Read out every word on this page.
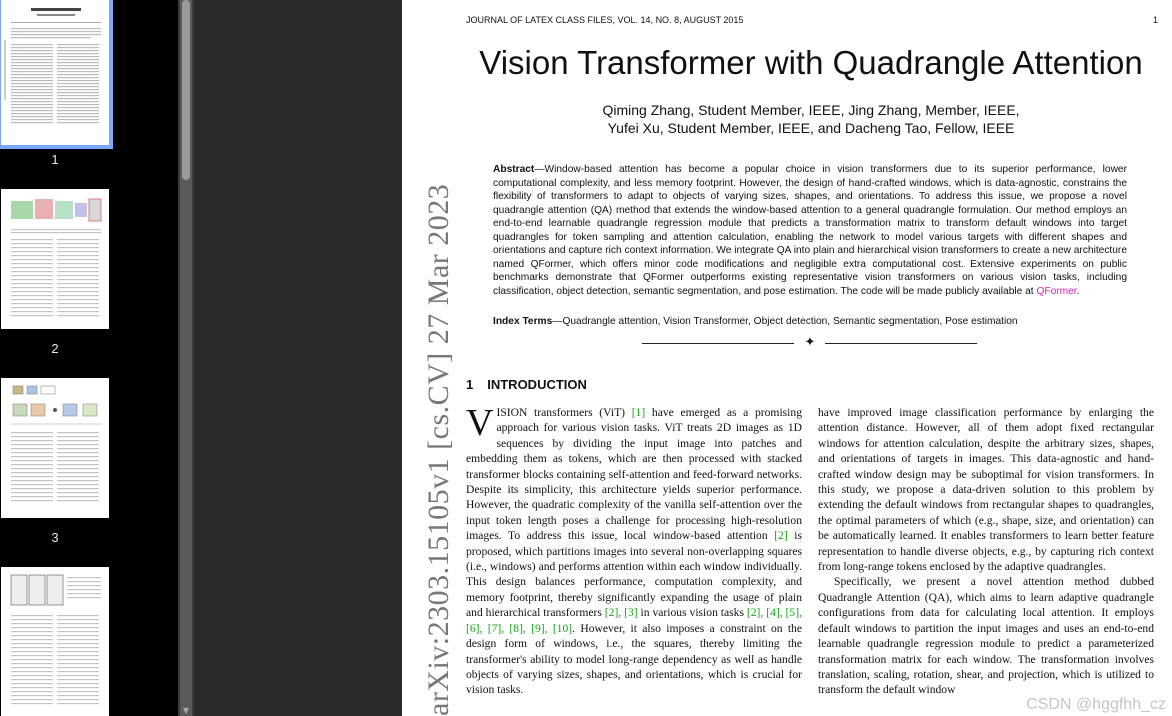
1
2
3
▼
JOURNAL OF LATEX CLASS FILES, VOL. 14, NO. 8, AUGUST 2015	1
Vision Transformer with Quadrangle Attention
Qiming Zhang, Student Member, IEEE, Jing Zhang, Member, IEEE,
Yufei Xu, Student Member, IEEE, and Dacheng Tao, Fellow, IEEE
Abstract—Window-based attention has become a popular choice in vision transformers due to its superior performance, lower computational complexity, and less memory footprint. However, the design of hand-crafted windows, which is data-agnostic, constrains the flexibility of transformers to adapt to objects of varying sizes, shapes, and orientations. To address this issue, we propose a novel quadrangle attention (QA) method that extends the window-based attention to a general quadrangle formulation. Our method employs an end-to-end learnable quadrangle regression module that predicts a transformation matrix to transform default windows into target quadrangles for token sampling and attention calculation, enabling the network to model various targets with different shapes and orientations and capture rich context information. We integrate QA into plain and hierarchical vision transformers to create a new architecture named QFormer, which offers minor code modifications and negligible extra computational cost. Extensive experiments on public benchmarks demonstrate that QFormer outperforms existing representative vision transformers on various vision tasks, including classification, object detection, semantic segmentation, and pose estimation. The code will be made publicly available at QFormer.
Index Terms—Quadrangle attention, Vision Transformer, Object detection, Semantic segmentation, Pose estimation
✦
1 INTRODUCTION
arXiv:2303.15105v1 [cs.CV] 27 Mar 2023 VISION transformers (ViT) [1] have emerged as a promising approach for various vision tasks. ViT treats 2D images as 1D sequences by dividing the input image into patches and embedding them as tokens, which are then processed with stacked transformer blocks containing self-attention and feed-forward networks. Despite its simplicity, this architecture yields superior performance. However, the quadratic complexity of the vanilla self-attention over the input token length poses a challenge for processing high-resolution images. To address this issue, local window-based attention [2] is proposed, which partitions images into several non-overlapping squares (i.e., windows) and performs attention within each window individually. This design balances performance, computation complexity, and memory footprint, thereby significantly expanding the usage of plain and hierarchical transformers [2], [3] in various vision tasks [2], [4], [5], [6], [7], [8], [9], [10]. However, it also imposes a constraint on the design form of windows, i.e., the squares, thereby limiting the transformer's ability to model long-range dependency as well as handle objects of varying sizes, shapes, and orientations, which is crucial for vision tasks.

have improved image classification performance by enlarging the attention distance. However, all of them adopt fixed rectangular windows for attention calculation, despite the arbitrary sizes, shapes, and orientations of targets in images. This data-agnostic and hand-crafted window design may be suboptimal for vision transformers. In this study, we propose a data-driven solution to this problem by extending the default windows from rectangular shapes to quadrangles, the optimal parameters of which (e.g., shape, size, and orientation) can be automatically learned. It enables transformers to learn better feature representation to handle diverse objects, e.g., by capturing rich context from long-range tokens enclosed by the adaptive quadrangles.

Specifically, we present a novel attention method dubbed Quadrangle Attention (QA), which aims to learn adaptive quadrangle configurations from data for calculating local attention. It employs default windows to partition the input images and uses an end-to-end learnable quadrangle regression module to predict a parameterized transformation matrix for each window. The transformation involves translation, scaling, rotation, shear, and projection, which is utilized to transform the default window

CSDN @hggfhh_cz
